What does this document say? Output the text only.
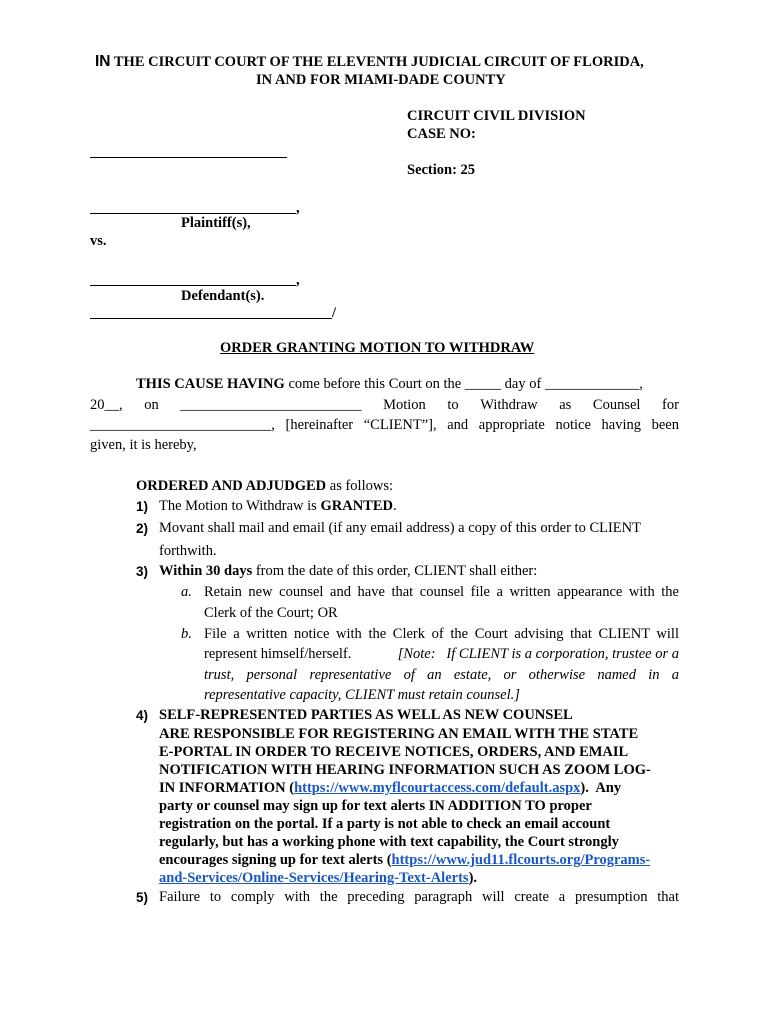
IN THE CIRCUIT COURT OF THE ELEVENTH JUDICIAL CIRCUIT OF FLORIDA,
IN AND FOR MIAMI-DADE COUNTY
CIRCUIT CIVIL DIVISION
CASE NO:
Section: 25
,
Plaintiff(s),
vs.
,
Defendant(s).
/
ORDER GRANTING MOTION TO WITHDRAW
THIS CAUSE HAVING come before this Court on the _____ day of _____________,
20__, on _________________________ Motion to Withdraw as Counsel for
_________________________, [hereinafter “CLIENT”], and appropriate notice having been
given, it is hereby,
ORDERED AND ADJUDGED as follows:
1) The Motion to Withdraw is GRANTED.
2) Movant shall mail and email (if any email address) a copy of this order to CLIENT
forthwith.
3) Within 30 days from the date of this order, CLIENT shall either:
a. Retain new counsel and have that counsel file a written appearance with the
Clerk of the Court; OR
b. File a written notice with the Clerk of the Court advising that CLIENT will
represent himself/herself.	[Note:   If CLIENT is a corporation, trustee or a
trust, personal representative of an estate, or otherwise named in a
representative capacity, CLIENT must retain counsel.]
4) SELF-REPRESENTED PARTIES AS WELL AS NEW COUNSEL
ARE RESPONSIBLE FOR REGISTERING AN EMAIL WITH THE STATE
E-PORTAL IN ORDER TO RECEIVE NOTICES, ORDERS, AND EMAIL
NOTIFICATION WITH HEARING INFORMATION SUCH AS ZOOM LOG-
IN INFORMATION (https://www.myflcourtaccess.com/default.aspx).  Any
party or counsel may sign up for text alerts IN ADDITION TO proper
registration on the portal. If a party is not able to check an email account
regularly, but has a working phone with text capability, the Court strongly
encourages signing up for text alerts (https://www.jud11.flcourts.org/Programs-
and-Services/Online-Services/Hearing-Text-Alerts).
5) Failure to comply with the preceding paragraph will create a presumption that
